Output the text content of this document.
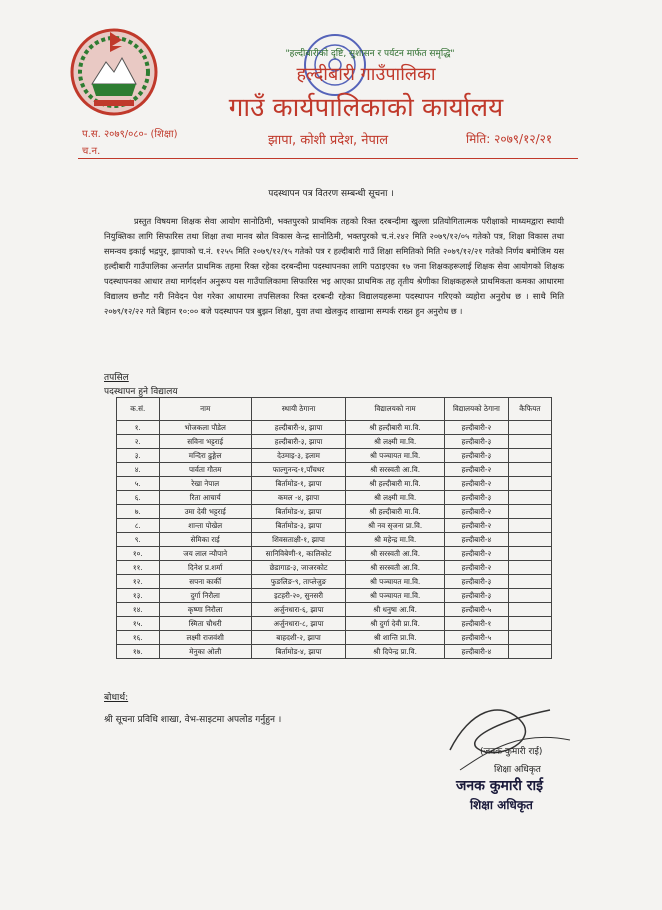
"हल्दीबारीको दृष्टि, सुशासन र पर्यटन मार्फत समृद्धि"
हल्दीबारी गाउँपालिका
गाउँ कार्यपालिकाको कार्यालय
प.स. २०७९/०८०- (शिक्षा)
च.न.
झापा, कोशी प्रदेश, नेपाल	मिति: २०७९/१२/२१
पदस्थापन पत्र वितरण सम्बन्धी सूचना ।

प्रस्तुत विषयमा शिक्षक सेवा आयोग सानोठिमी, भक्तपुरको प्राथमिक तहको रिक्त दरबन्दीमा खुल्ला प्रतियोगितात्मक परीक्षाको माध्यमद्वारा स्थायी नियुक्तिका लागि सिफारिस तथा शिक्षा तथा मानव स्रोत विकास केन्द्र सानोठिमी, भक्तपुरको च.नं.२४२ मिति २०७९/१२/०५ गतेको पत्र, शिक्षा विकास तथा समन्वय इकाई भद्रपुर, झापाको च.नं. १२५५ मिति २०७९/१२/१५ गतेको पत्र र हल्दीबारी गाउँ शिक्षा समितिको मिति २०७९/१२/२१ गतेको निर्णय बमोजिम यस हल्दीबारी गाउँपालिका अन्तर्गत प्राथमिक तहमा रिक्त रहेका दरबन्दीमा पदस्थापनका लागि पठाइएका १७ जना शिक्षकहरूलाई शिक्षक सेवा आयोगको शिक्षक पदस्थापनका आधार तथा मार्गदर्शन अनुरूप यस गाउँपालिकामा सिफारिस भइ आएका प्राथमिक तह तृतीय श्रेणीका शिक्षकहरूले प्राथमिकता कमका आधारमा विद्यालय छनौट गरी निवेदन पेश गरेका आधारमा तपसिलका रिक्त दरबन्दी रहेका विद्यालयहरूमा पदस्थापन गरिएको व्यहोरा अनुरोध छ । साथै मिति २०७९/१२/२२ गते बिहान १०:०० बजे पदस्थापन पत्र बुझन शिक्षा, युवा तथा खेलकुद शाखामा सम्पर्क राख्न हुन अनुरोध छ ।

तपसिल
पदस्थापन हुने विद्यालय
क.सं.	नाम	स्थायी ठेगाना	विद्यालयको नाम	विद्यालयको ठेगाना	कैफियत
१.	भोजकला पौडेल	हल्दीबारी-४, झापा	श्री हल्दीबारी मा.वि.	हल्दीबारी-२	
२.	सविना भट्टराई	हल्दीबारी-३, झापा	श्री लक्ष्मी मा.वि.	हल्दीबारी-३	
३.	मन्दिरा ढुङ्गेल	देउमाइ-३, इलाम	श्री पञ्चायत मा.वि.	हल्दीबारी-३	
४.	पार्वता गौतम	फाल्गुनन्द-१,पाँचथर	श्री सरस्वती आ.वि.	हल्दीबारी-२	
५.	रेखा नेपाल	बिर्तामोड-१, झापा	श्री हल्दीबारी मा.वि.	हल्दीबारी-२	
६.	रिता आचार्य	कमल -४, झापा	श्री लक्ष्मी मा.वि.	हल्दीबारी-३	
७.	उमा देवी भट्टराई	बिर्तामोड-४, झापा	श्री हल्दीबारी मा.वि.	हल्दीबारी-२	
८.	शान्ता पोखेल	बिर्तामोड-३, झापा	श्री नव सृजना प्रा.वि.	हल्दीबारी-२	
९.	सेमिका राई	शिवसताक्षी-१, झापा	श्री महेन्द्र मा.वि.	हल्दीबारी-४	
१०.	जय लाल न्यौपाने	सानिविबेणी-१, कालिकोट	श्री सरस्वती आ.वि.	हल्दीबारी-२	
११.	दिनेश प्र.शर्मा	छेडागाड-३, जाजरकोट	श्री सरस्वती आ.वि.	हल्दीबारी-२	
१२.	सपना कार्की	फुङलिङ-९, ताप्लेजुङ	श्री पञ्चायत मा.वि.	हल्दीबारी-३	
१३.	दुर्गा निरौला	इटहरी-२०, सुनसरी	श्री पञ्चायत मा.वि.	हल्दीबारी-३	
१४.	कृष्णा निरौला	अर्जुनधारा-६, झापा	श्री धनुषा आ.वि.	हल्दीबारी-५	
१५.	स्मिता चौधरी	अर्जुनधारा-८, झापा	श्री दुर्गा देवी प्रा.वि.	हल्दीबारी-१	
१६.	लक्ष्मी राजवंशी	बाहदशी-२, झापा	श्री शान्ति प्रा.वि.	हल्दीबारी-५	
१७.	मेनुका ओली	बिर्तामोड-४, झापा	श्री दिपेन्द्र प्रा.वि.	हल्दीबारी-४	
बोधार्थ:
श्री सूचना प्रविधि शाखा, वेभ-साइटमा अपलोड गर्नुहुन ।
(जनक कुमारी राई)
शिक्षा अधिकृत
जनक कुमारी राई
शिक्षा अधिकृत
